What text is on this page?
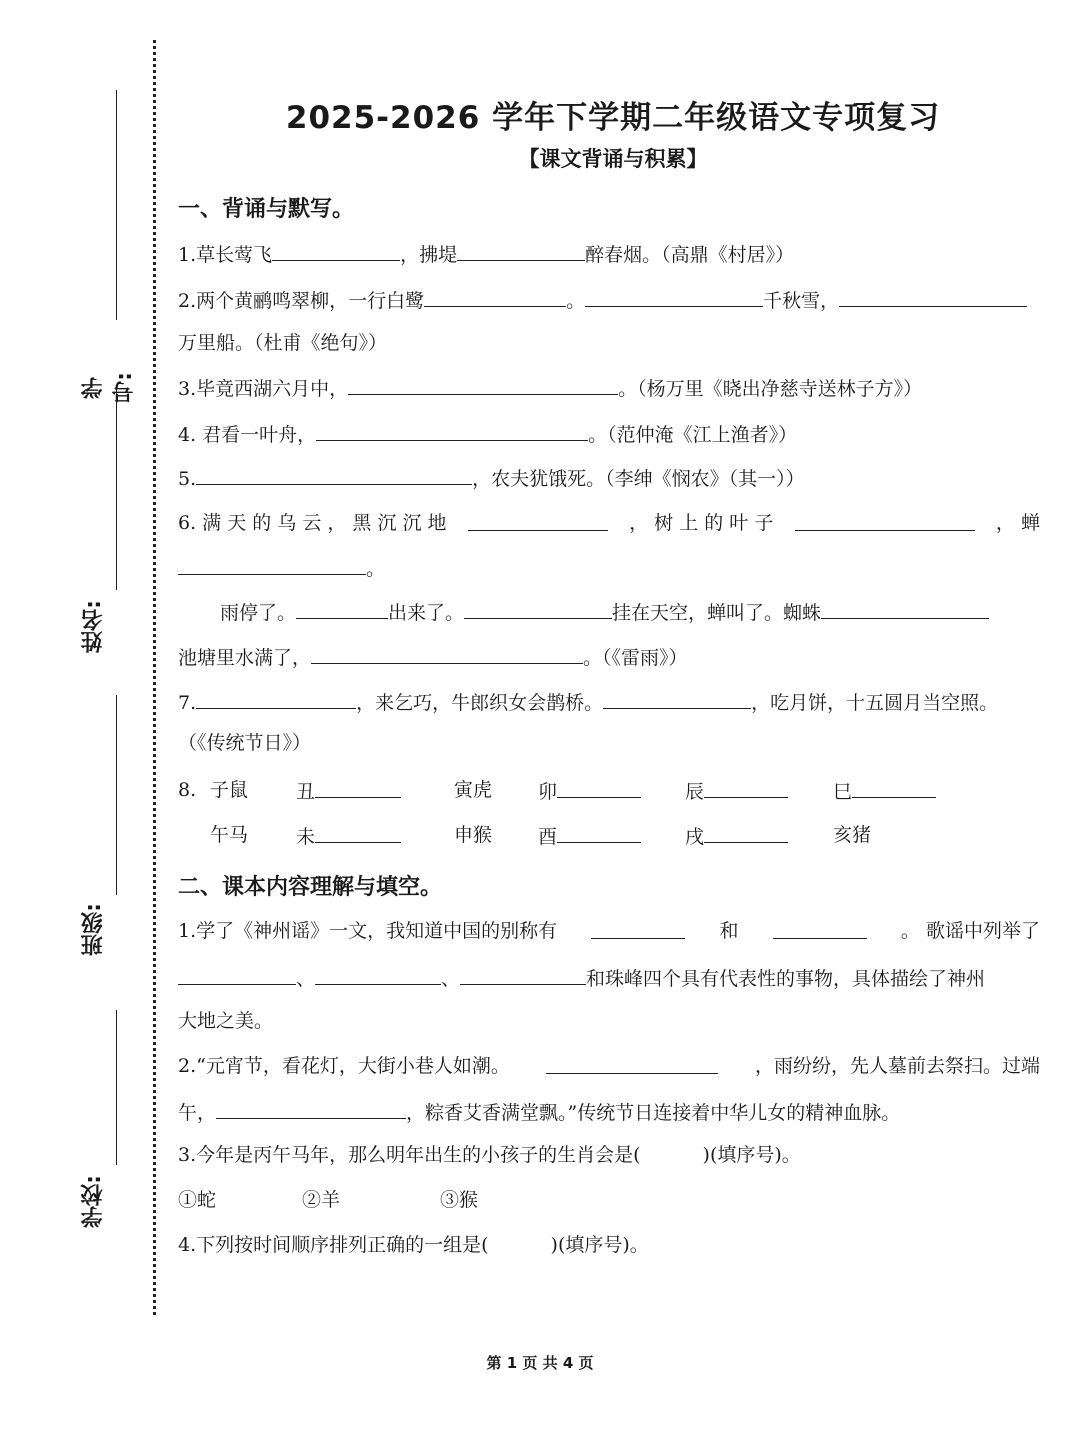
学号:
姓名:
班级:
学校:
2025-2026 学年下学期二年级语文专项复习
【课文背诵与积累】
一、背诵与默写。
1.草长莺飞	，拂堤	醉春烟。（高鼎《村居》）
2.两个黄鹂鸣翠柳，一行白鹭	。	千秋雪，
万里船。（杜甫《绝句》）
3.毕竟西湖六月中，	。（杨万里《晓出净慈寺送林子方》）
4. 君看一叶舟，	。（范仲淹《江上渔者》）
5.	，农夫犹饿死。（李绅《悯农》（其一））
6. 满 天 的 乌 云 ， 黑 沉 沉 地	， 树 上 的 叶 子	， 蝉
。
雨停了。	出来了。	挂在天空，蝉叫了。蜘蛛
池塘里水满了，	。（《雷雨》）
7.	，来乞巧，牛郎织女会鹊桥。	，吃月饼，十五圆月当空照。
（《传统节日》）
8. 子鼠	丑	寅虎 卯	辰	巳
午马	未	申猴 酉	戌	亥猪
二、课本内容理解与填空。
1.学了《神州谣》一文，我知道中国的别称有	和	。 歌谣中列举了
、	、	和珠峰四个具有代表性的事物，具体描绘了神州
大地之美。
2.“元宵节，看花灯，大街小巷人如潮。	，雨纷纷，先人墓前去祭扫。过端
午，	，粽香艾香满堂飘。”传统节日连接着中华儿女的精神血脉。
3.今年是丙午马年，那么明年出生的小孩子的生肖会是(	)(填序号)。
①蛇	②羊	③猴
4.下列按时间顺序排列正确的一组是(	)(填序号)。
第 1 页 共 4 页
